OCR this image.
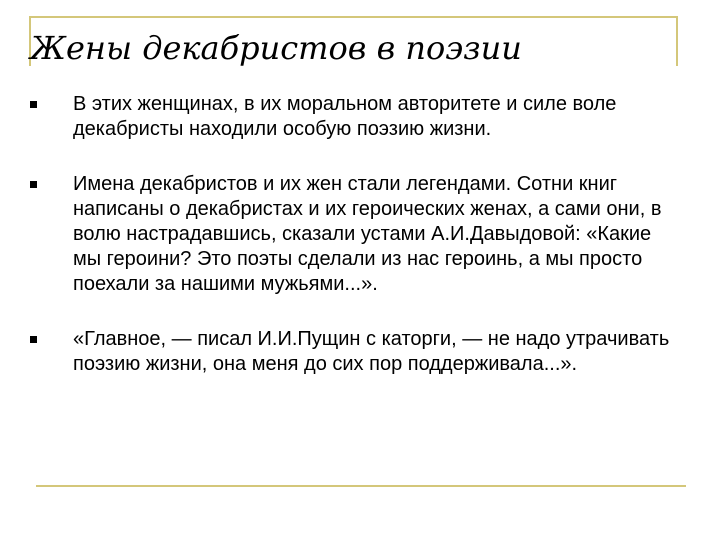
Жены декабристов в поэзии
В этих женщинах, в их моральном авторитете и силе воле декабристы находили особую поэзию жизни.
Имена декабристов и их жен стали легендами. Сотни книг написаны о декабристах и их героических женах, а сами они, в волю настрадавшись, сказали устами А.И.Давыдовой: «Какие мы героини? Это поэты сделали из нас героинь, а мы просто поехали за нашими мужьями...».
«Главное, — писал И.И.Пущин с каторги, — не надо утрачивать поэзию жизни, она меня до сих пор поддерживала...».
